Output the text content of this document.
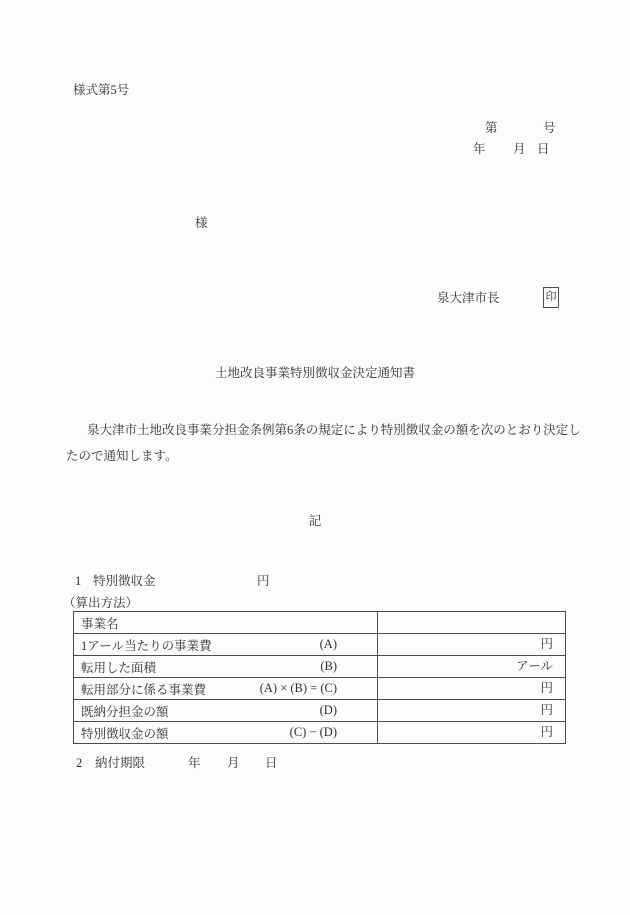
様式第5号
第	号
年 月 日
様
泉大津市長	印
土地改良事業特別徴収金決定通知書
泉大津市土地改良事業分担金条例第6条の規定により特別徴収金の額を次のとおり決定し
たので通知します。
記
1 特別徴収金	円
（算出方法）
事業名
1アール当たりの事業費	(A)	円
転用した面積	(B)	アール
転用部分に係る事業費	(A) × (B) = (C)	円
既納分担金の額	(D)	円
特別徴収金の額	(C) − (D)	円
2 納付期限	年 月 日
